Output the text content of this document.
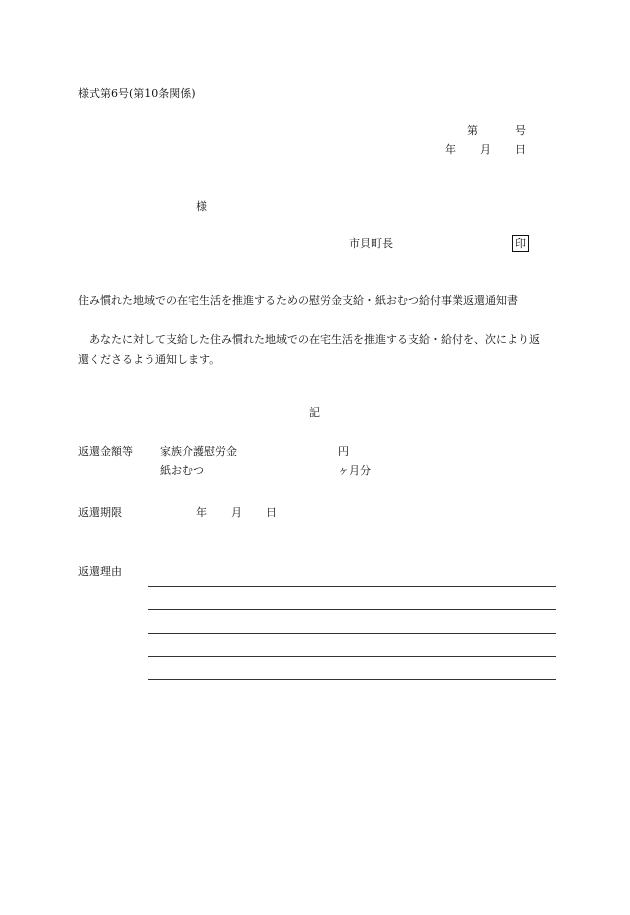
様式第6号(第10条関係)
第	号
年 月 日
様
市貝町長	印
住み慣れた地域での在宅生活を推進するための慰労金支給・紙おむつ給付事業返還通知書
あなたに対して支給した住み慣れた地域での在宅生活を推進する支給・給付を、次により返還くださるよう通知します。
記
返還金額等 家族介護慰労金	円
紙おむつ	ヶ月分
返還期限	年 月 日
返還理由
